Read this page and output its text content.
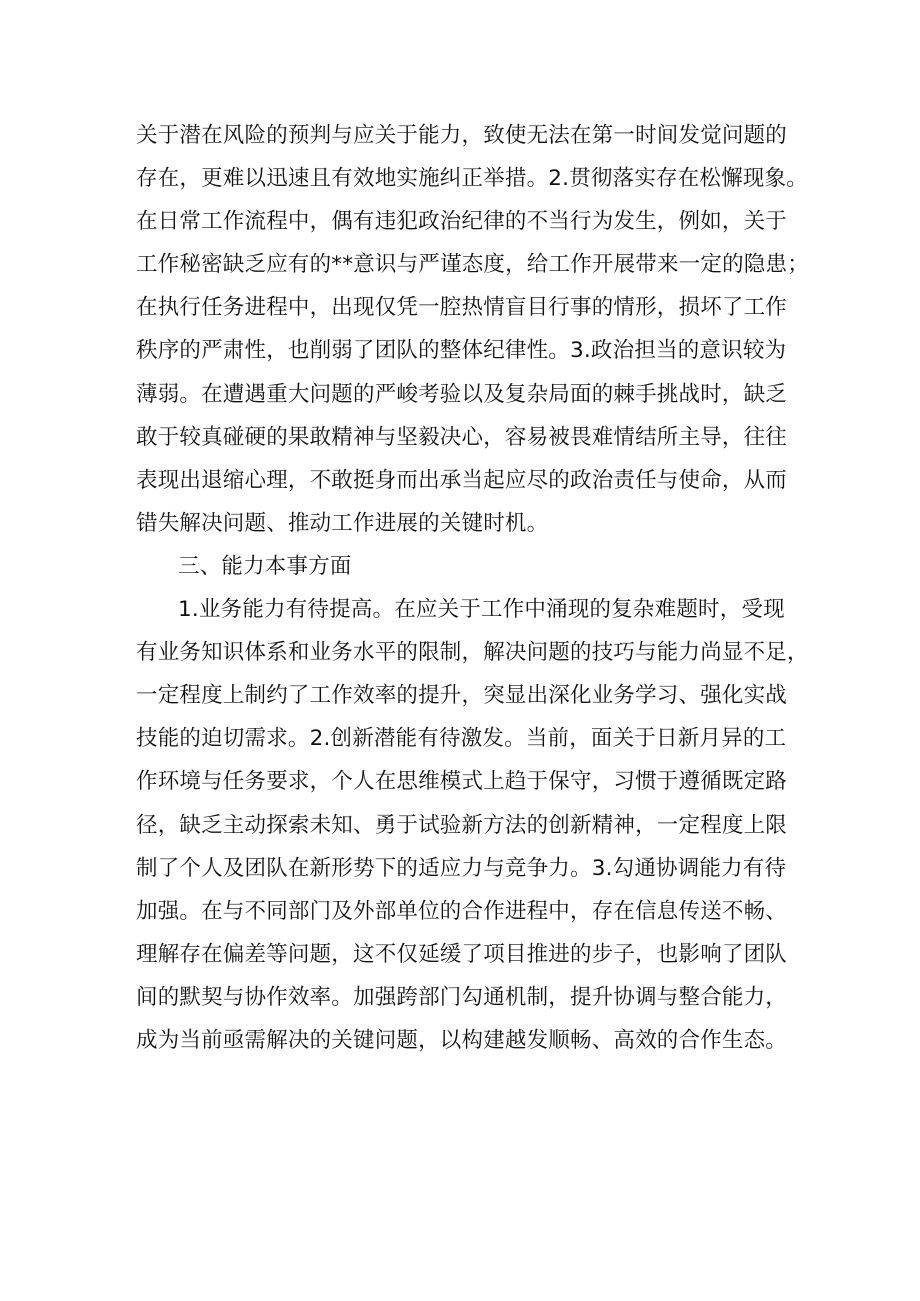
关于潜在风险的预判与应关于能力，致使无法在第一时间发觉问题的
存在，更难以迅速且有效地实施纠正举措。2.贯彻落实存在松懈现象。
在日常工作流程中，偶有违犯政治纪律的不当行为发生，例如，关于
工作秘密缺乏应有的**意识与严谨态度，给工作开展带来一定的隐患；
在执行任务进程中，出现仅凭一腔热情盲目行事的情形，损坏了工作
秩序的严肃性，也削弱了团队的整体纪律性。3.政治担当的意识较为
薄弱。在遭遇重大问题的严峻考验以及复杂局面的棘手挑战时，缺乏
敢于较真碰硬的果敢精神与坚毅决心，容易被畏难情结所主导，往往
表现出退缩心理，不敢挺身而出承当起应尽的政治责任与使命，从而
错失解决问题、推动工作进展的关键时机。
三、能力本事方面
1.业务能力有待提高。在应关于工作中涌现的复杂难题时，受现
有业务知识体系和业务水平的限制，解决问题的技巧与能力尚显不足，
一定程度上制约了工作效率的提升，突显出深化业务学习、强化实战
技能的迫切需求。2.创新潜能有待激发。当前，面关于日新月异的工
作环境与任务要求，个人在思维模式上趋于保守，习惯于遵循既定路
径，缺乏主动探索未知、勇于试验新方法的创新精神，一定程度上限
制了个人及团队在新形势下的适应力与竞争力。3.勾通协调能力有待
加强。在与不同部门及外部单位的合作进程中，存在信息传送不畅、
理解存在偏差等问题，这不仅延缓了项目推进的步子，也影响了团队
间的默契与协作效率。加强跨部门勾通机制，提升协调与整合能力，
成为当前亟需解决的关键问题，以构建越发顺畅、高效的合作生态。
